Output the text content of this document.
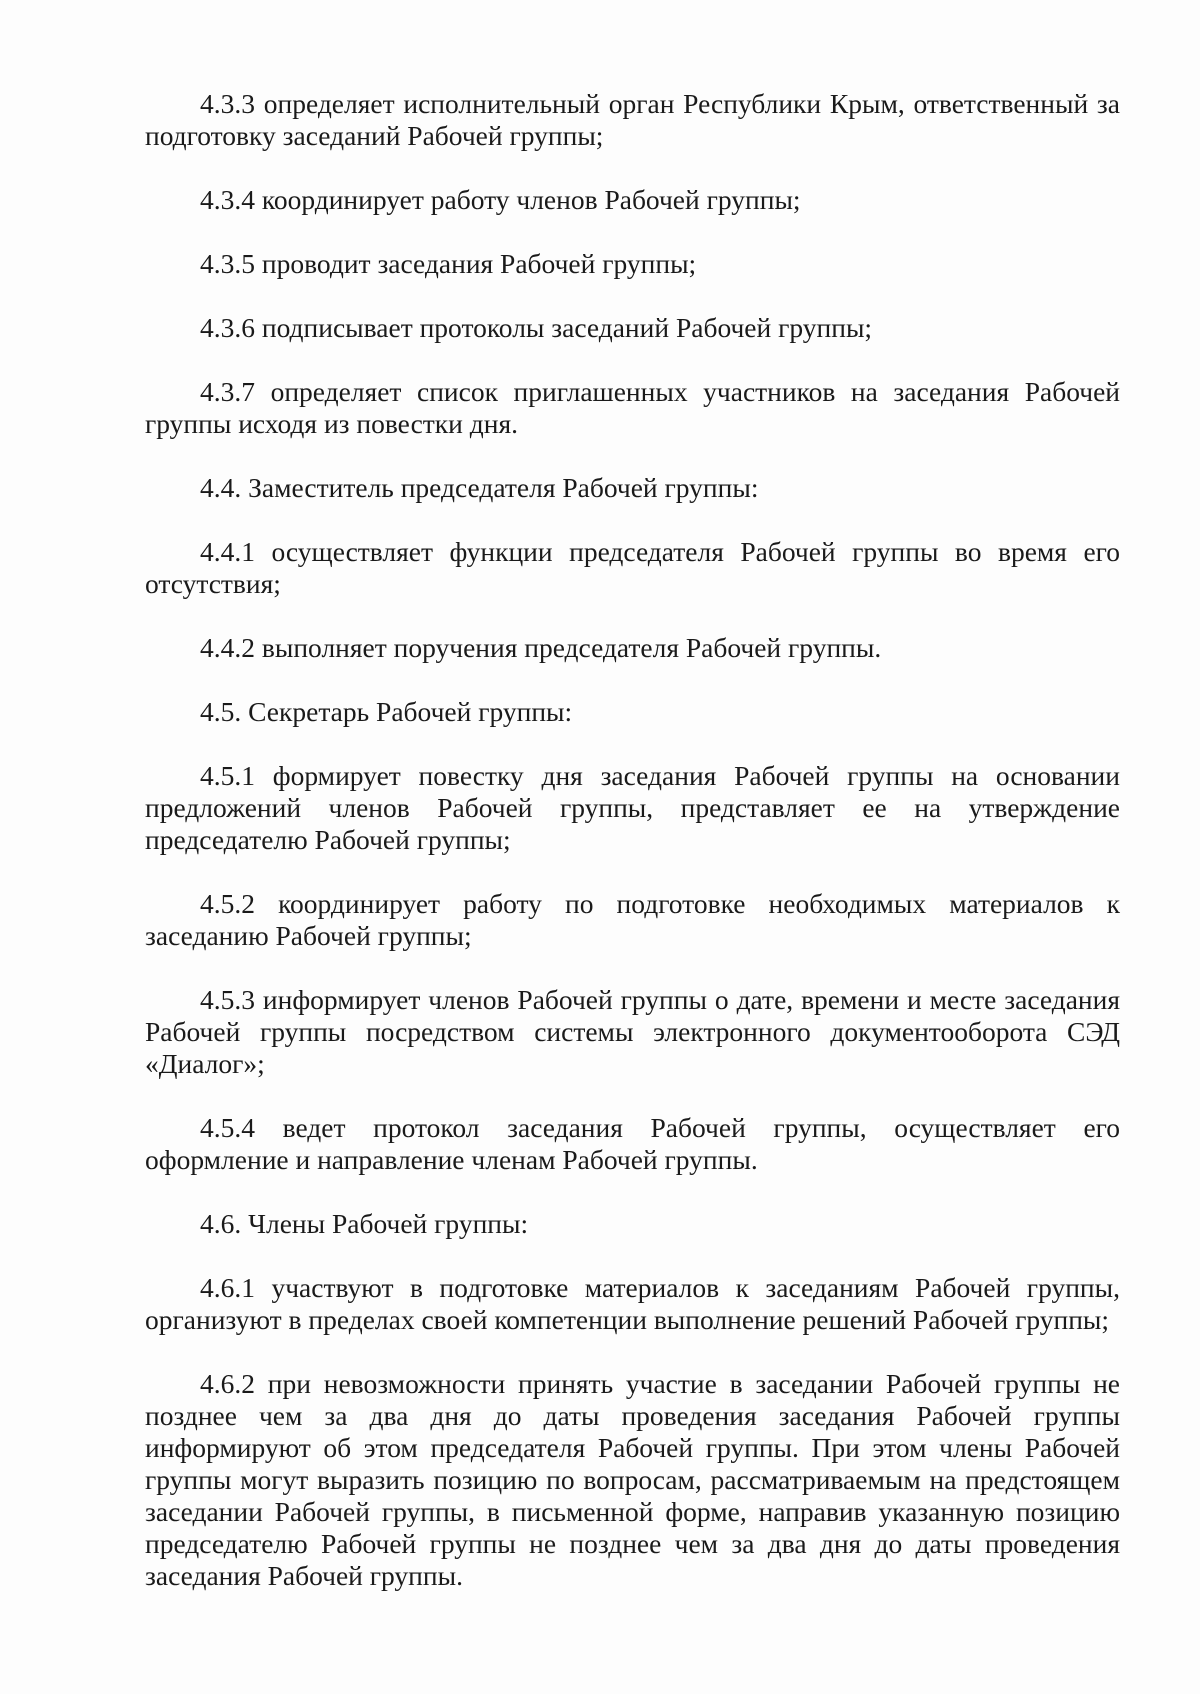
4.3.3 определяет исполнительный орган Республики Крым, ответственный за подготовку заседаний Рабочей группы;

4.3.4 координирует работу членов Рабочей группы;

4.3.5 проводит заседания Рабочей группы;

4.3.6 подписывает протоколы заседаний Рабочей группы;

4.3.7 определяет список приглашенных участников на заседания Рабочей группы исходя из повестки дня.

4.4. Заместитель председателя Рабочей группы:

4.4.1 осуществляет функции председателя Рабочей группы во время его отсутствия;

4.4.2 выполняет поручения председателя Рабочей группы.

4.5. Секретарь Рабочей группы:

4.5.1 формирует повестку дня заседания Рабочей группы на основании предложений членов Рабочей группы, представляет ее на утверждение председателю Рабочей группы;

4.5.2 координирует работу по подготовке необходимых материалов к заседанию Рабочей группы;

4.5.3 информирует членов Рабочей группы о дате, времени и месте заседания Рабочей группы посредством системы электронного документооборота СЭД «Диалог»;

4.5.4 ведет протокол заседания Рабочей группы, осуществляет его оформление и направление членам Рабочей группы.

4.6. Члены Рабочей группы:

4.6.1 участвуют в подготовке материалов к заседаниям Рабочей группы, организуют в пределах своей компетенции выполнение решений Рабочей группы;

4.6.2 при невозможности принять участие в заседании Рабочей группы не позднее чем за два дня до даты проведения заседания Рабочей группы информируют об этом председателя Рабочей группы. При этом члены Рабочей группы могут выразить позицию по вопросам, рассматриваемым на предстоящем заседании Рабочей группы, в письменной форме, направив указанную позицию председателю Рабочей группы не позднее чем за два дня до даты проведения заседания Рабочей группы.
